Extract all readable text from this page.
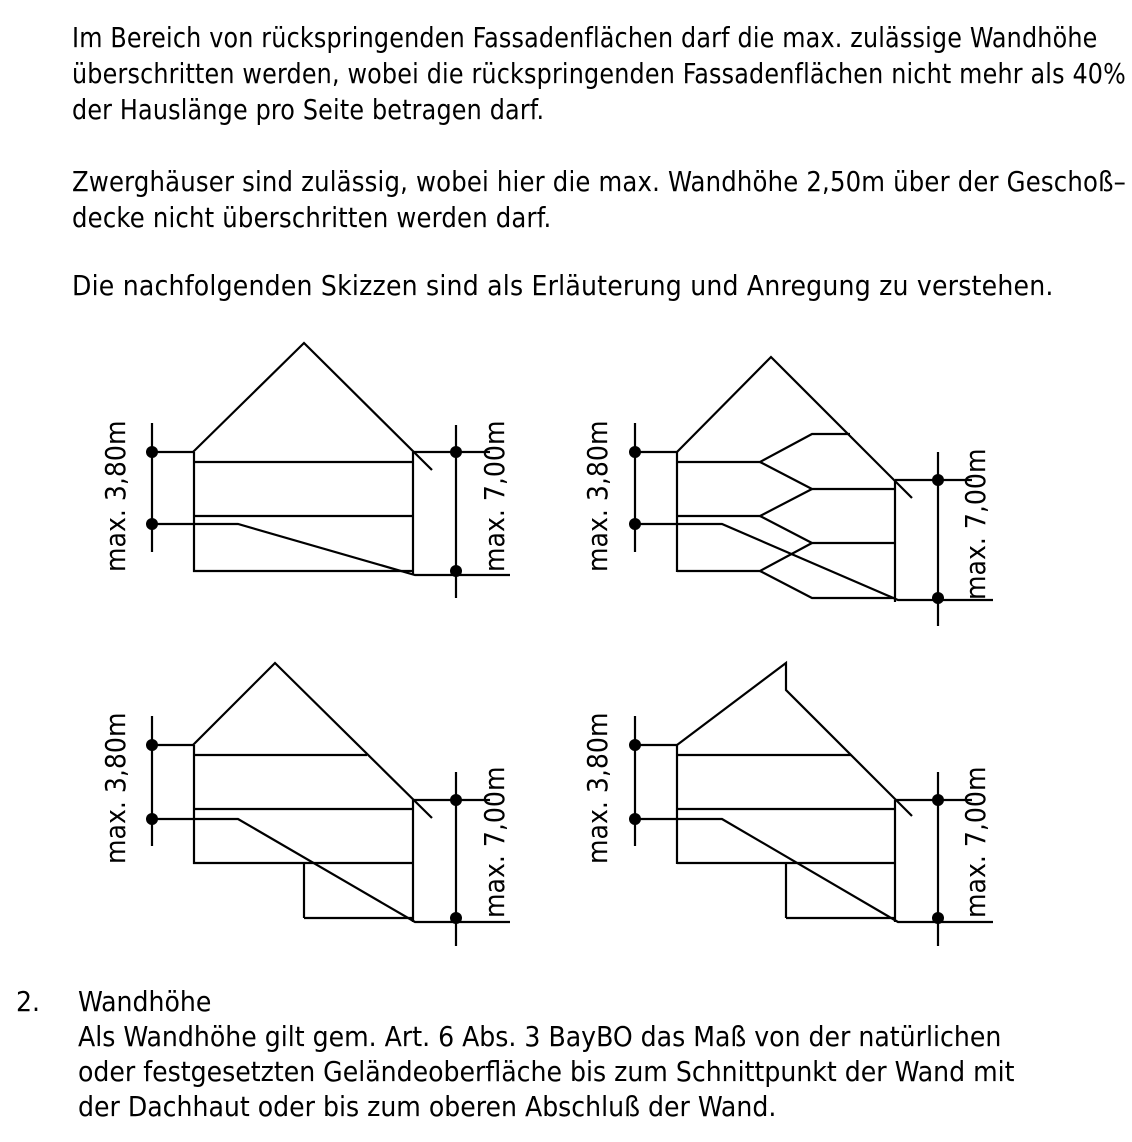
Im Bereich von rückspringenden Fassadenflächen darf die max. zulässige Wandhöhe
überschritten werden, wobei die rückspringenden Fassadenflächen nicht mehr als 40%
der Hauslänge pro Seite betragen darf.
Zwerghäuser sind zulässig, wobei hier die max. Wandhöhe 2,50m über der Geschoß–
decke nicht überschritten werden darf.
Die nachfolgenden Skizzen sind als Erläuterung und Anregung zu verstehen.
max. 3,80m	max. 7,00m	max. 3,80m	max. 7,00m
max. 3,80m	max. 7,00m	max. 3,80m	max. 7,00m
2. Wandhöhe
Als Wandhöhe gilt gem. Art. 6 Abs. 3 BayBO das Maß von der natürlichen
oder festgesetzten Geländeoberfläche bis zum Schnittpunkt der Wand mit
der Dachhaut oder bis zum oberen Abschluß der Wand.
